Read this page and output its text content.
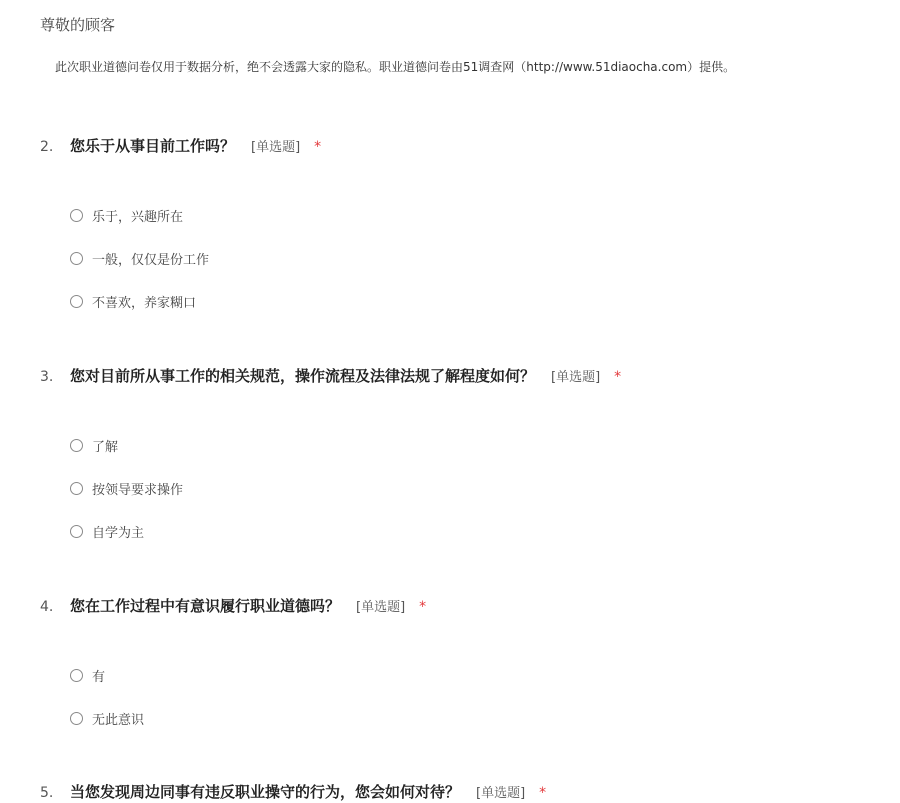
尊敬的顾客
此次职业道德问卷仅用于数据分析，绝不会透露大家的隐私。职业道德问卷由51调查网（http://www.51diaocha.com）提供。
2.	您乐于从事目前工作吗？ [单选题] *
乐于，兴趣所在
一般，仅仅是份工作
不喜欢，养家糊口
3.	您对目前所从事工作的相关规范，操作流程及法律法规了解程度如何？ [单选题] *
了解
按领导要求操作
自学为主
4.	您在工作过程中有意识履行职业道德吗？ [单选题] *
有
无此意识
5.	当您发现周边同事有违反职业操守的行为，您会如何对待？ [单选题] *
